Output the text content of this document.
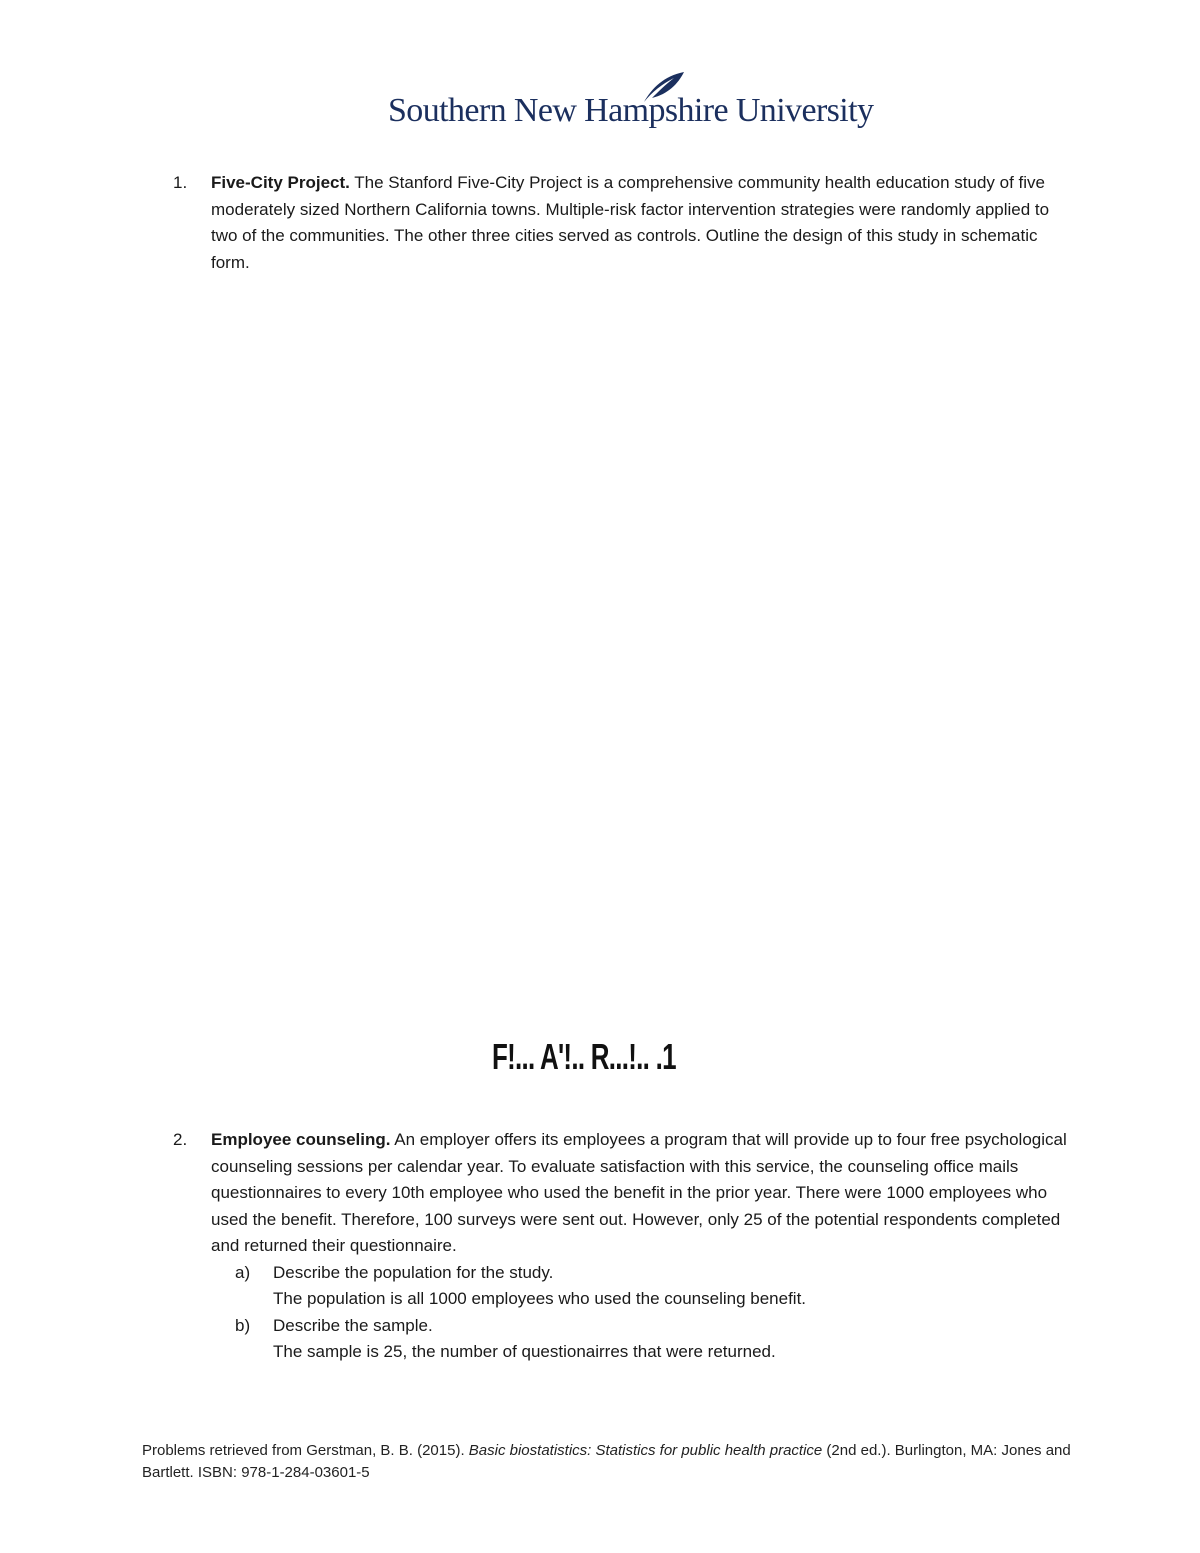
Southern New Hampshire University
1.	Five-City Project. The Stanford Five-City Project is a comprehensive community health education study of five moderately sized Northern California towns. Multiple-risk factor intervention strategies were randomly applied to two of the communities. The other three cities served as controls. Outline the design of this study in schematic form.
F!... A'!.. R...!.. .1
2.	Employee counseling. An employer offers its employees a program that will provide up to four free psychological counseling sessions per calendar year. To evaluate satisfaction with this service, the counseling office mails questionnaires to every 10th employee who used the benefit in the prior year. There were 1000 employees who used the benefit. Therefore, 100 surveys were sent out. However, only 25 of the potential respondents completed and returned their questionnaire.
a) Describe the population for the study.
The population is all 1000 employees who used the counseling benefit.
b) Describe the sample.
The sample is 25, the number of questionairres that were returned.
Problems retrieved from Gerstman, B. B. (2015). Basic biostatistics: Statistics for public health practice (2nd ed.). Burlington, MA: Jones and Bartlett. ISBN: 978-1-284-03601-5
